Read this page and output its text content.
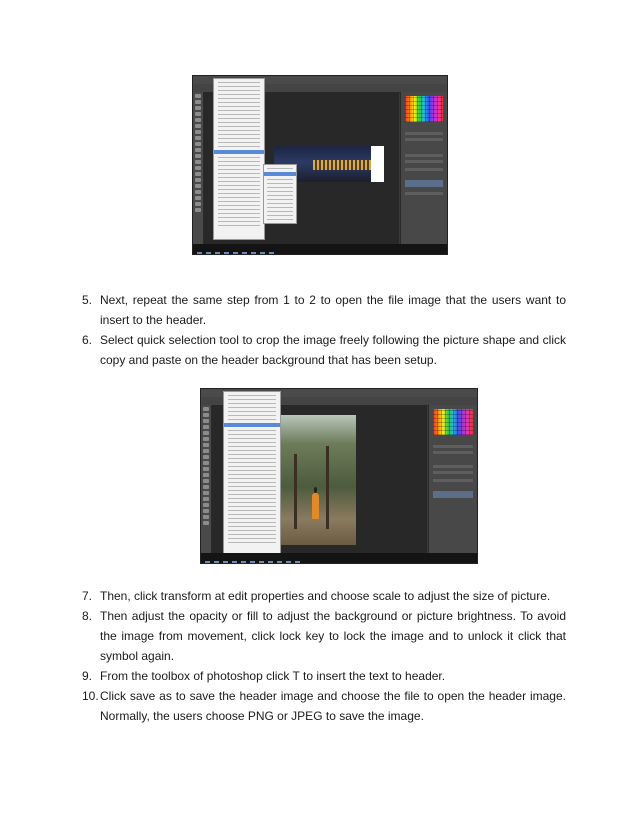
5. Next, repeat the same step from 1 to 2 to open the file image that the users want to insert to the header.
6. Select quick selection tool to crop the image freely following the picture shape and click copy and paste on the header background that has been setup.
7. Then, click transform at edit properties and choose scale to adjust the size of picture.
8. Then adjust the opacity or fill to adjust the background or picture brightness. To avoid the image from movement, click lock key to lock the image and to unlock it click that symbol again.
9. From the toolbox of photoshop click T to insert the text to header.
10. Click save as to save the header image and choose the file to open the header image. Normally, the users choose PNG or JPEG to save the image.
